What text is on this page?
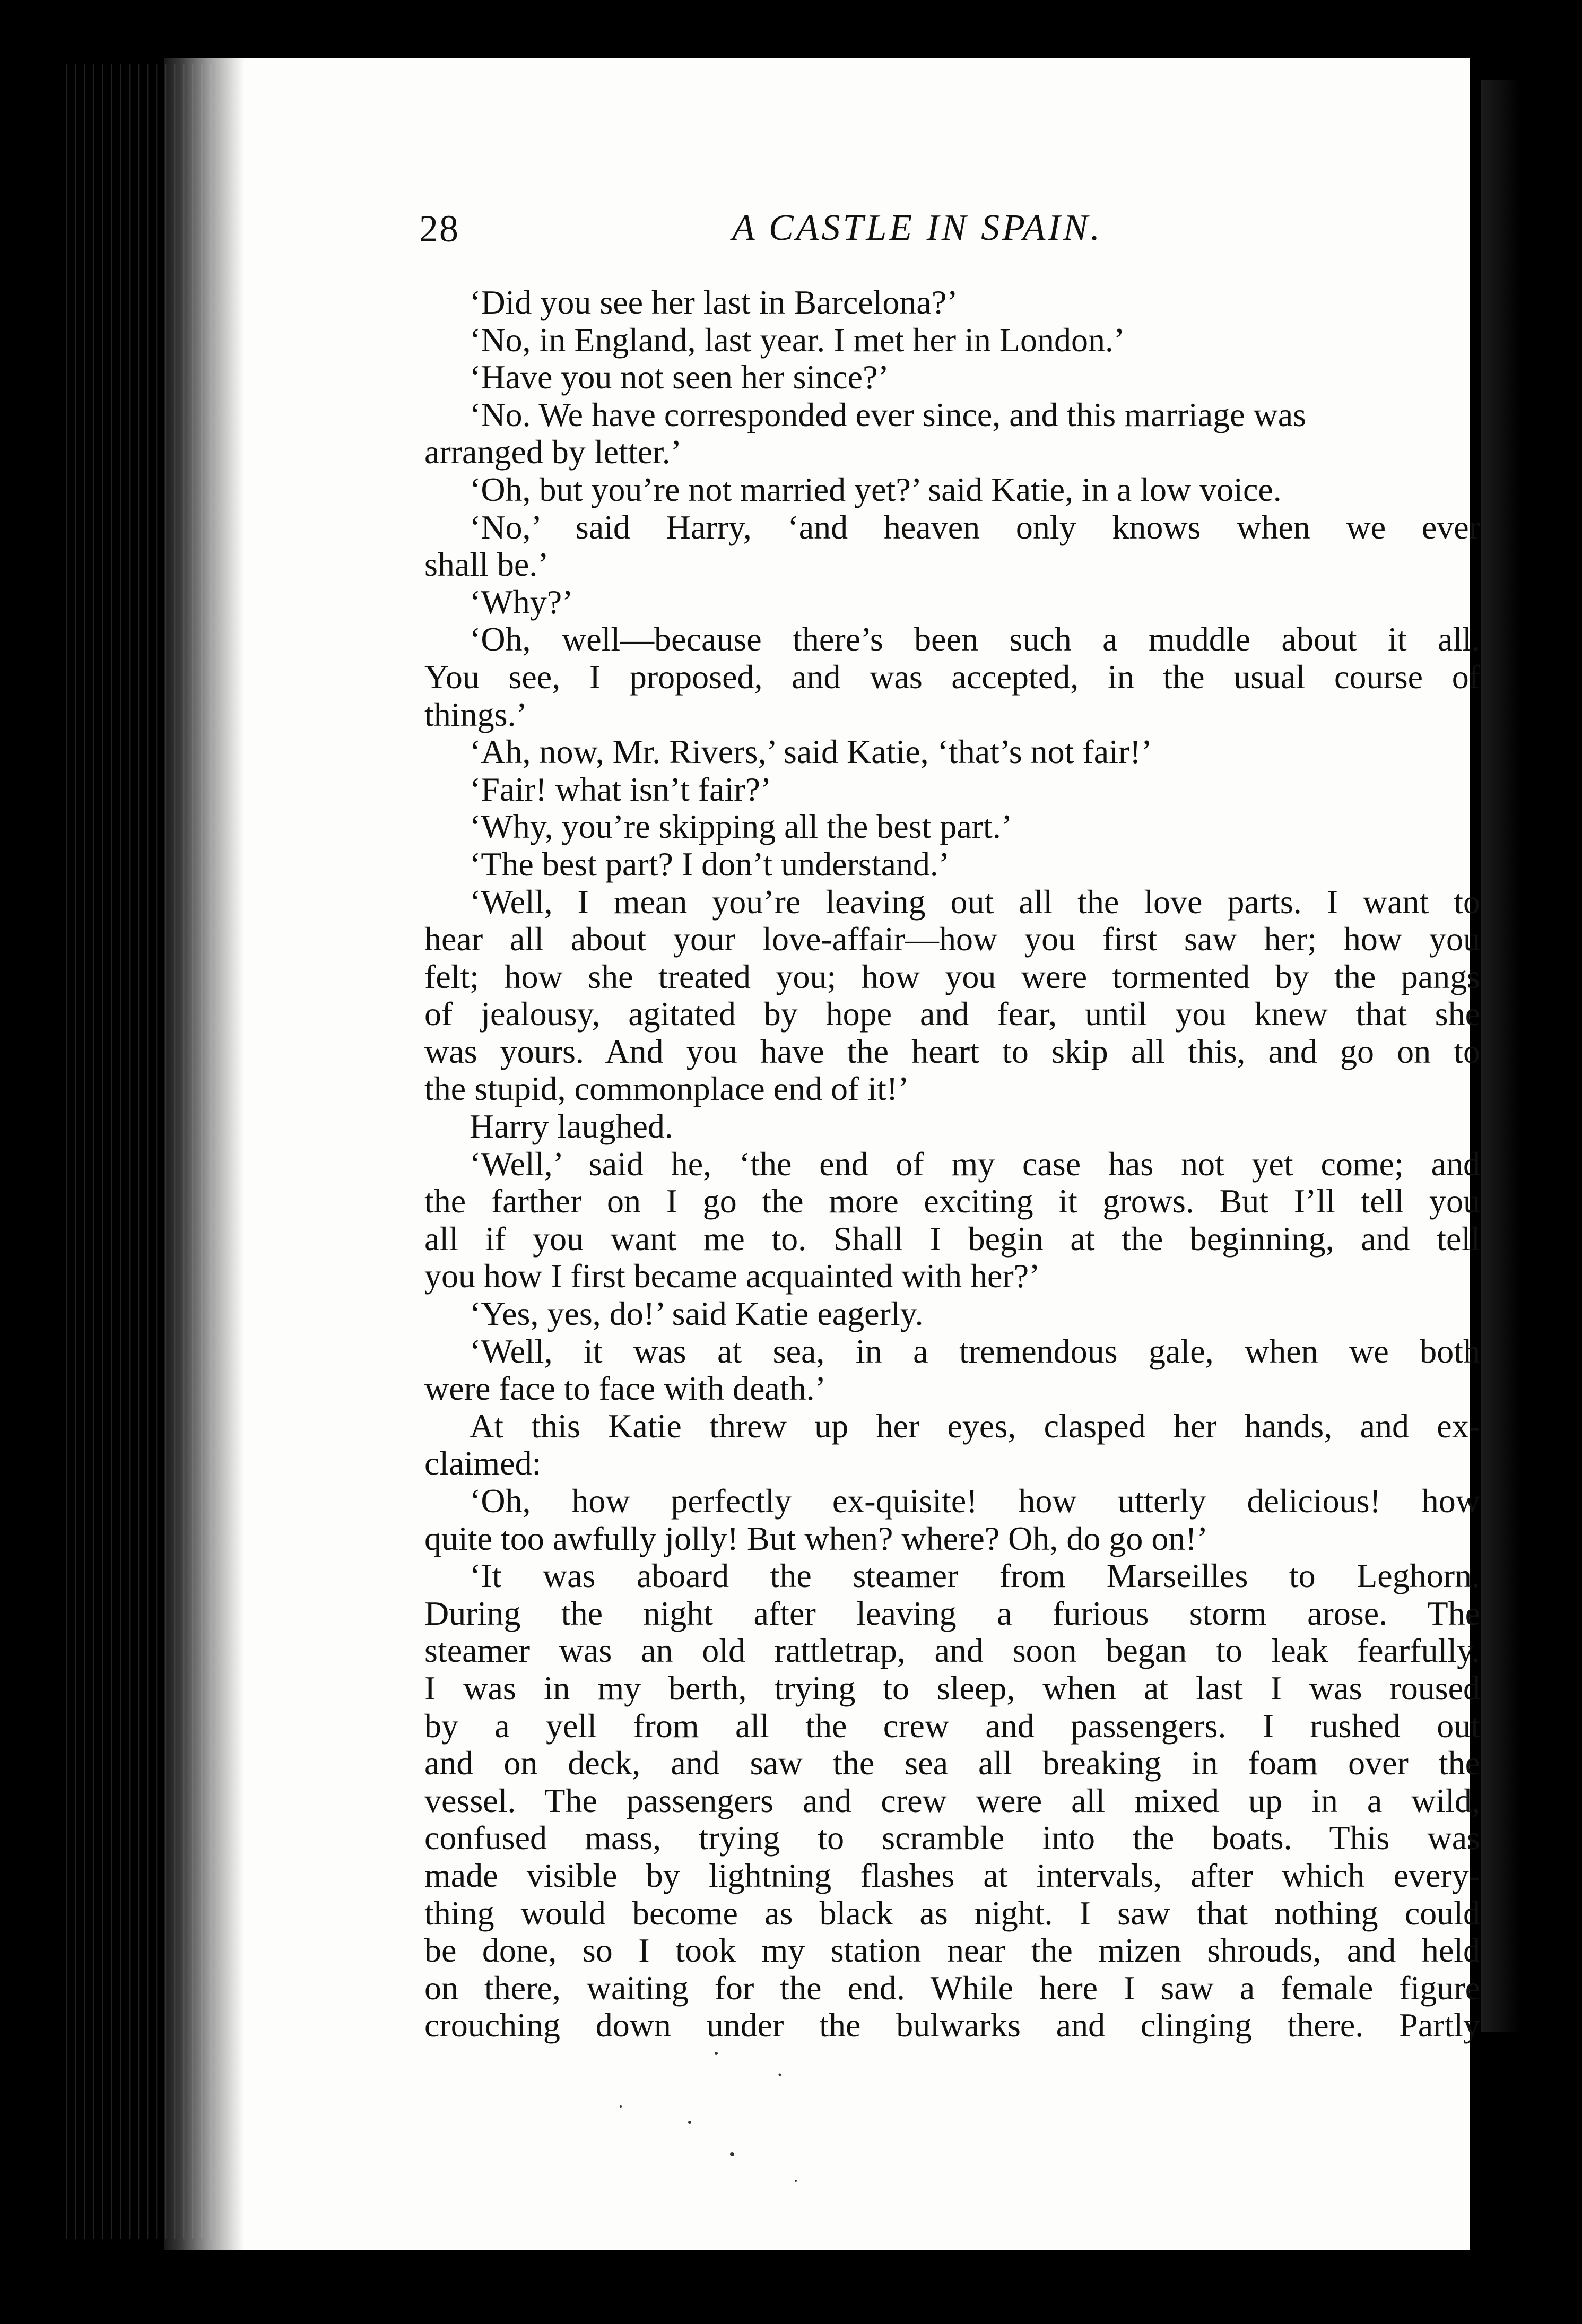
28	A CASTLE IN SPAIN.
‘Did you see her last in Barcelona?’
‘No, in England, last year. I met her in London.’
‘Have you not seen her since?’
‘No. We have corresponded ever since, and this marriage was
arranged by letter.’
‘Oh, but you’re not married yet?’ said Katie, in a low voice.
‘No,’ said Harry, ‘and heaven only knows when we ever
shall be.’
‘Why?’
‘Oh, well—because there’s been such a muddle about it all.
You see, I proposed, and was accepted, in the usual course of
things.’
‘Ah, now, Mr. Rivers,’ said Katie, ‘that’s not fair!’
‘Fair! what isn’t fair?’
‘Why, you’re skipping all the best part.’
‘The best part? I don’t understand.’
‘Well, I mean you’re leaving out all the love parts. I want to
hear all about your love-affair—how you first saw her; how you
felt; how she treated you; how you were tormented by the pangs
of jealousy, agitated by hope and fear, until you knew that she
was yours. And you have the heart to skip all this, and go on to
the stupid, commonplace end of it!’
Harry laughed.
‘Well,’ said he, ‘the end of my case has not yet come; and
the farther on I go the more exciting it grows. But I’ll tell you
all if you want me to. Shall I begin at the beginning, and tell
you how I first became acquainted with her?’
‘Yes, yes, do!’ said Katie eagerly.
‘Well, it was at sea, in a tremendous gale, when we both
were face to face with death.’
At this Katie threw up her eyes, clasped her hands, and ex-
claimed:
‘Oh, how perfectly ex-quisite! how utterly delicious! how
quite too awfully jolly! But when? where? Oh, do go on!’
‘It was aboard the steamer from Marseilles to Leghorn.
During the night after leaving a furious storm arose. The
steamer was an old rattletrap, and soon began to leak fearfully.
I was in my berth, trying to sleep, when at last I was roused
by a yell from all the crew and passengers. I rushed out
and on deck, and saw the sea all breaking in foam over the
vessel. The passengers and crew were all mixed up in a wild,
confused mass, trying to scramble into the boats. This was
made visible by lightning flashes at intervals, after which every-
thing would become as black as night. I saw that nothing could
be done, so I took my station near the mizen shrouds, and held
on there, waiting for the end. While here I saw a female figure
crouching down under the bulwarks and clinging there. Partly
